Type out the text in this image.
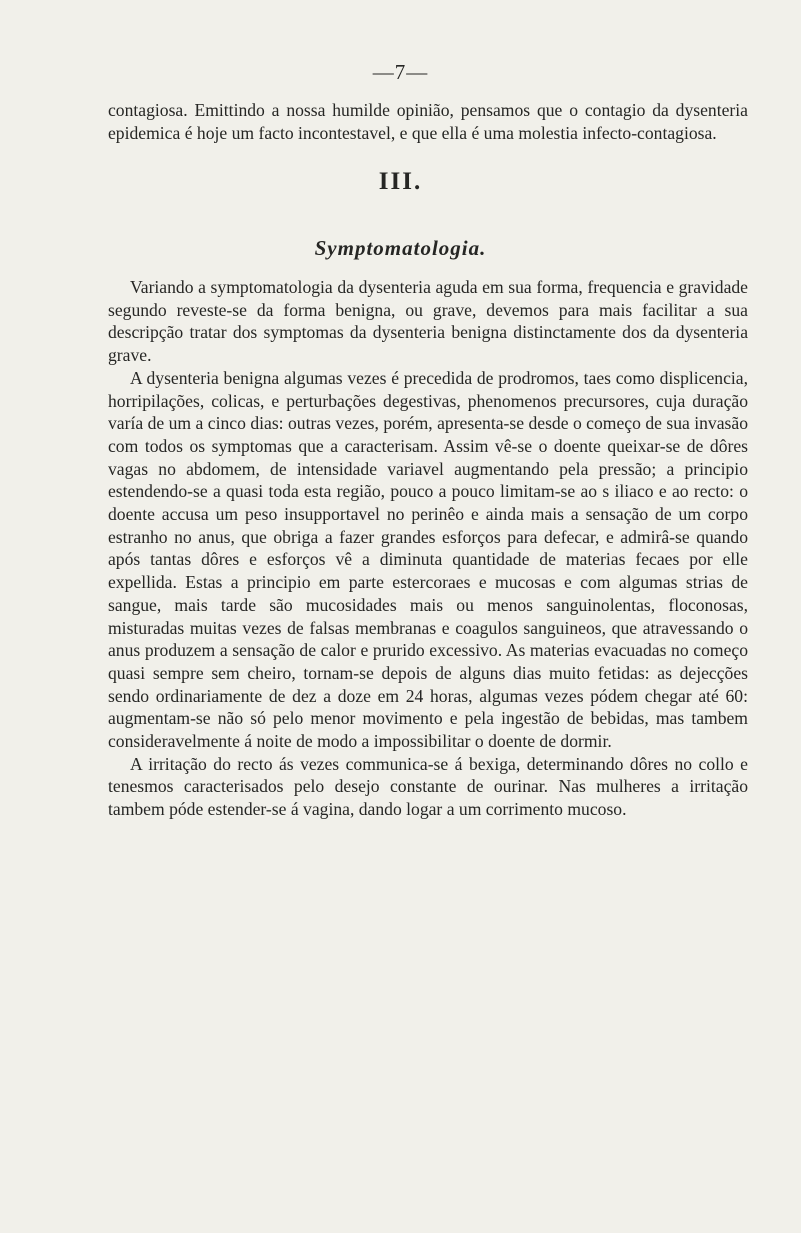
—7—

contagiosa. Emittindo a nossa humilde opinião, pensamos que o contagio da dysenteria epidemica é hoje um facto incontestavel, e que ella é uma molestia infecto-contagiosa.

III.
Symptomatologia.

Variando a symptomatologia da dysenteria aguda em sua forma, frequencia e gravidade segundo reveste-se da forma benigna, ou grave, devemos para mais facilitar a sua descripção tratar dos symptomas da dysenteria benigna distinctamente dos da dysenteria grave.

A dysenteria benigna algumas vezes é precedida de prodromos, taes como displicencia, horripilações, colicas, e perturbações degestivas, phenomenos precursores, cuja duração varía de um a cinco dias: outras vezes, porém, apresenta-se desde o começo de sua invasão com todos os symptomas que a caracterisam. Assim vê-se o doente queixar-se de dôres vagas no abdomem, de intensidade variavel augmentando pela pressão; a principio estendendo-se a quasi toda esta região, pouco a pouco limitam-se ao s iliaco e ao recto: o doente accusa um peso insupportavel no perinêo e ainda mais a sensação de um corpo estranho no anus, que obriga a fazer grandes esforços para defecar, e admirâ-se quando após tantas dôres e esforços vê a diminuta quantidade de materias fecaes por elle expellida. Estas a principio em parte estercoraes e mucosas e com algumas strias de sangue, mais tarde são mucosidades mais ou menos sanguinolentas, floconosas, misturadas muitas vezes de falsas membranas e coagulos sanguineos, que atravessando o anus produzem a sensação de calor e prurido excessivo. As materias evacuadas no começo quasi sempre sem cheiro, tornam-se depois de alguns dias muito fetidas: as dejecções sendo ordinariamente de dez a doze em 24 horas, algumas vezes pódem chegar até 60: augmentam-se não só pelo menor movimento e pela ingestão de bebidas, mas tambem consideravelmente á noite de modo a impossibilitar o doente de dormir.

A irritação do recto ás vezes communica-se á bexiga, determinando dôres no collo e tenesmos caracterisados pelo desejo constante de ourinar. Nas mulheres a irritação tambem póde estender-se á vagina, dando logar a um corrimento mucoso.
